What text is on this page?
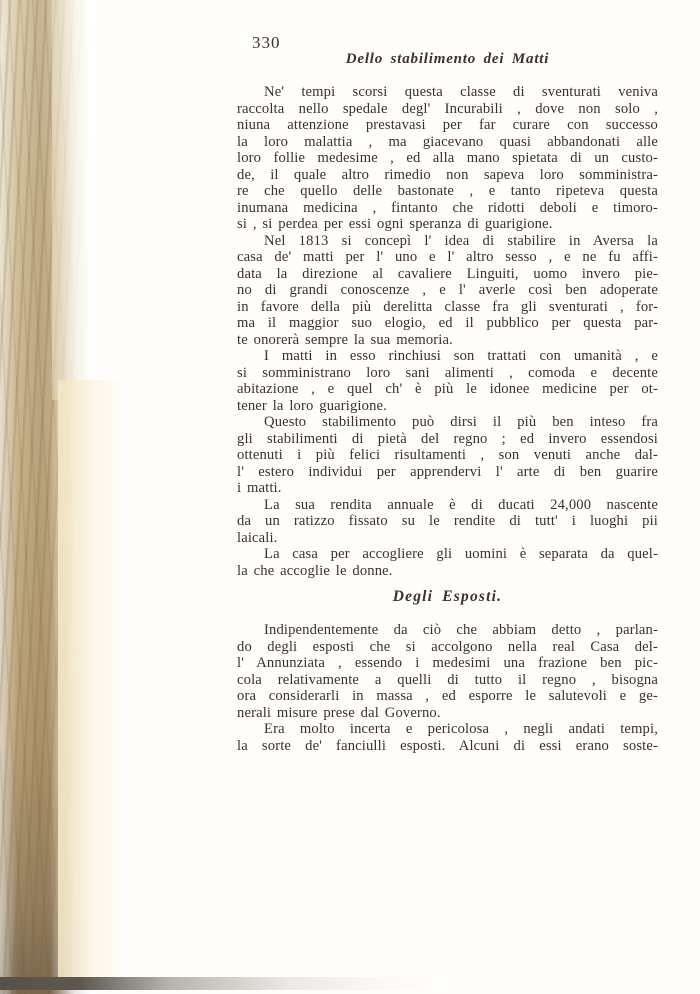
330
Dello stabilimento dei Matti
Ne' tempi scorsi questa classe di sventurati veniva
raccolta nello spedale degl' Incurabili , dove non solo ,
niuna attenzione prestavasi per far curare con successo
la loro malattia , ma giacevano quasi abbandonati alle
loro follie medesime , ed alla mano spietata di un custo-
de, il quale altro rimedio non sapeva loro somministra-
re che quello delle bastonate , e tanto ripeteva questa
inumana medicina , fintanto che ridotti deboli e timoro-
si , si perdea per essi ogni speranza di guarigione.
Nel 1813 si concepì l' idea di stabilire in Aversa la
casa de' matti per l' uno e l' altro sesso , e ne fu affi-
data la direzione al cavaliere Linguiti, uomo invero pie-
no di grandi conoscenze , e l' averle così ben adoperate
in favore della più derelitta classe fra gli sventurati , for-
ma il maggior suo elogio, ed il pubblico per questa par-
te onorerà sempre la sua memoria.
I matti in esso rinchiusi son trattati con umanità , e
si somministrano loro sani alimenti , comoda e decente
abitazione , e quel ch' è più le idonee medicine per ot-
tener la loro guarigione.
Questo stabilimento può dirsi il più ben inteso fra
gli stabilimenti di pietà del regno ; ed invero essendosi
ottenuti i più felici risultamenti , son venuti anche dal-
l' estero individui per apprendervi l' arte di ben guarire
i matti.
La sua rendita annuale è di ducati 24,000 nascente
da un ratizzo fissato su le rendite di tutt' i luoghi pii
laicali.
La casa per accogliere gli uomini è separata da quel-
la che accoglie le donne.
Degli Esposti.
Indipendentemente da ciò che abbiam detto , parlan-
do degli esposti che si accolgono nella real Casa del-
l' Annunziata , essendo i medesimi una frazione ben pic-
cola relativamente a quelli di tutto il regno , bisogna
ora considerarli in massa , ed esporre le salutevoli e ge-
nerali misure prese dal Governo.
Era molto incerta e pericolosa , negli andati tempi,
la sorte de' fanciulli esposti. Alcuni di essi erano soste-
